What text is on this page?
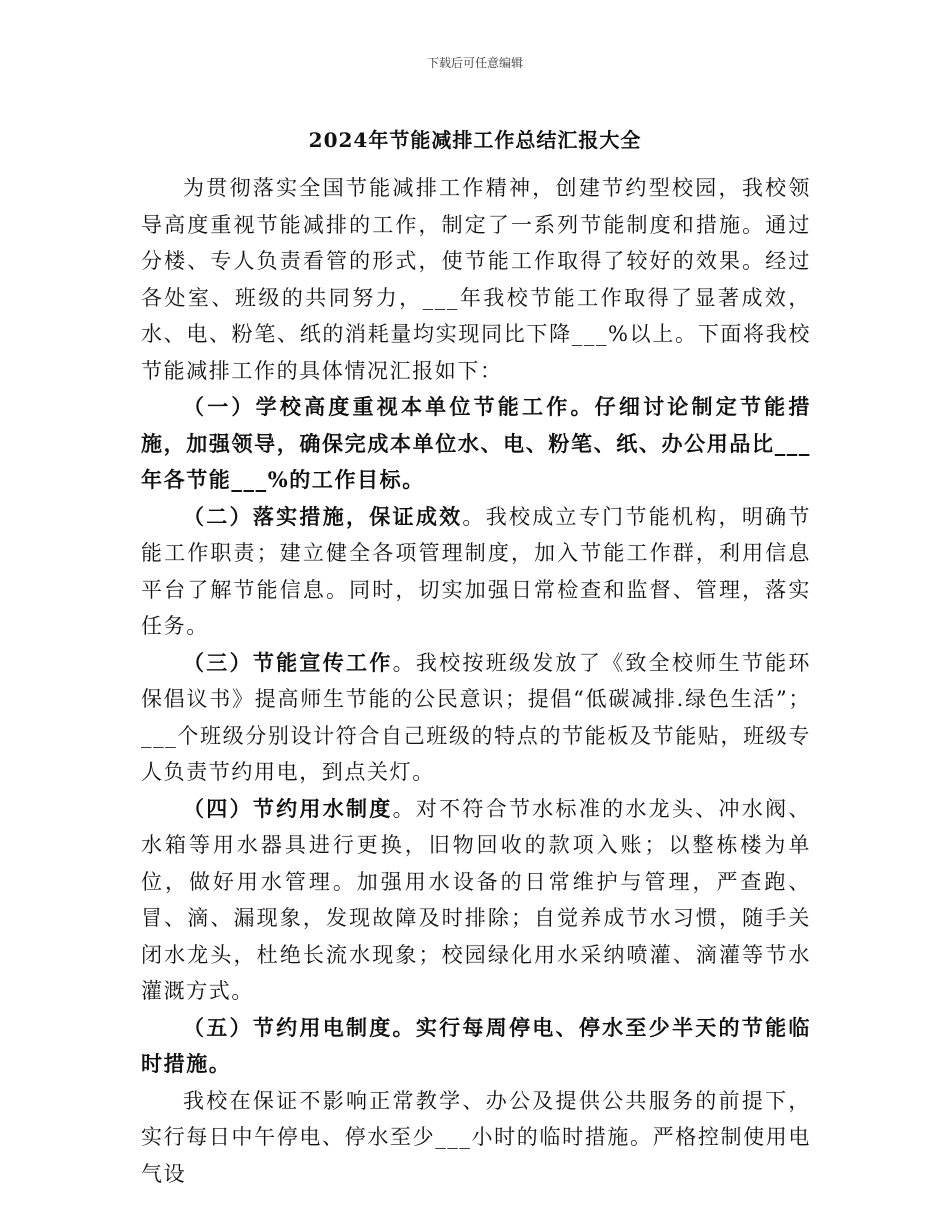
下载后可任意编辑
2024年节能减排工作总结汇报大全

为贯彻落实全国节能减排工作精神，创建节约型校园，我校领导高度重视节能减排的工作，制定了一系列节能制度和措施。通过分楼、专人负责看管的形式，使节能工作取得了较好的效果。经过各处室、班级的共同努力，___年我校节能工作取得了显著成效，水、电、粉笔、纸的消耗量均实现同比下降___%以上。下面将我校节能减排工作的具体情况汇报如下：

（一）学校高度重视本单位节能工作。仔细讨论制定节能措施，加强领导，确保完成本单位水、电、粉笔、纸、办公用品比___年各节能___%的工作目标。

（二）落实措施，保证成效。我校成立专门节能机构，明确节能工作职责；建立健全各项管理制度，加入节能工作群，利用信息平台了解节能信息。同时，切实加强日常检查和监督、管理，落实任务。

（三）节能宣传工作。我校按班级发放了《致全校师生节能环保倡议书》提高师生节能的公民意识；提倡“低碳减排.绿色生活”；___个班级分别设计符合自己班级的特点的节能板及节能贴，班级专人负责节约用电，到点关灯。

（四）节约用水制度。对不符合节水标准的水龙头、冲水阀、水箱等用水器具进行更换，旧物回收的款项入账；以整栋楼为单位，做好用水管理。加强用水设备的日常维护与管理，严查跑、冒、滴、漏现象，发现故障及时排除；自觉养成节水习惯，随手关闭水龙头，杜绝长流水现象；校园绿化用水采纳喷灌、滴灌等节水灌溉方式。

（五）节约用电制度。实行每周停电、停水至少半天的节能临时措施。

我校在保证不影响正常教学、办公及提供公共服务的前提下，实行每日中午停电、停水至少___小时的临时措施。严格控制使用电气设
